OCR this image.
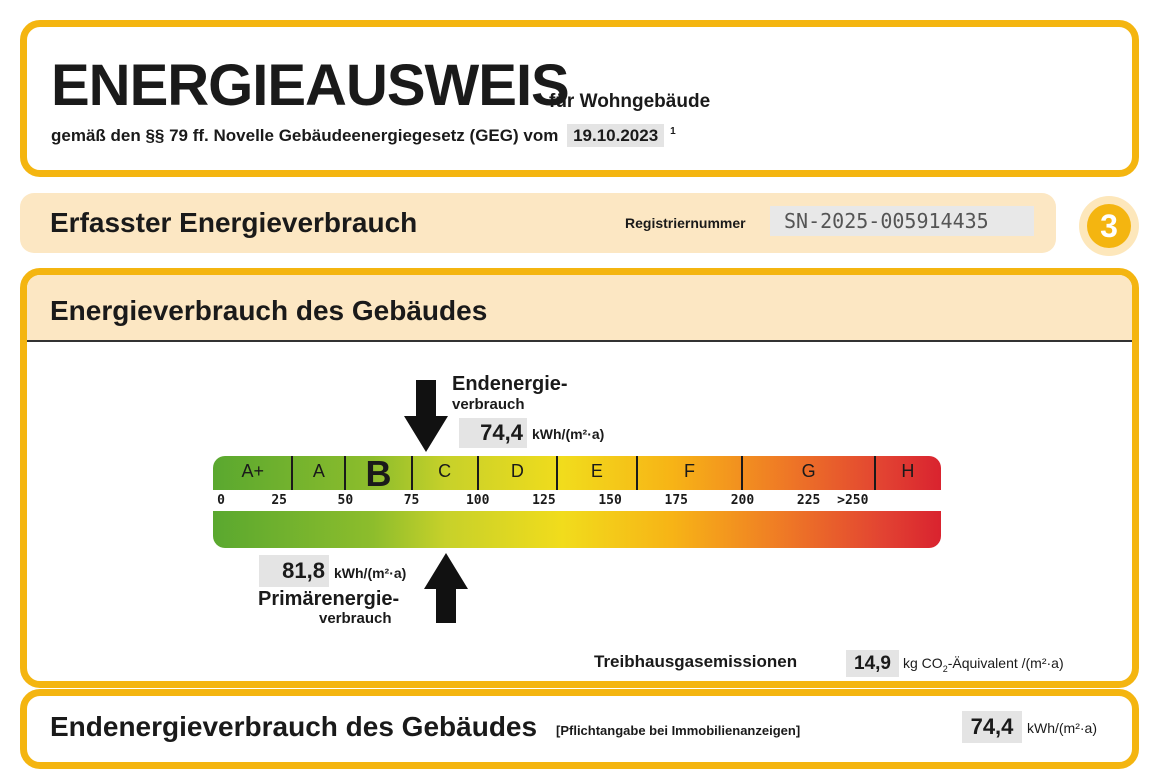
ENERGIEAUSWEIS
für Wohngebäude
gemäß den §§ 79 ff. Novelle Gebäudeenergiegesetz (GEG) vom 19.10.2023 $^1$
Erfasster Energieverbrauch	Registriernummer	SN-2025-005914435	3
Energieverbrauch des Gebäudes
Endenergie-
verbrauch
74,4 kWh/(m²·a)
A+	A B	C	D	E	F	G	H
0	25	50	75	100	125	150	175	200	225 >250
81,8 kWh/(m²·a)
Primärenergie-
verbrauch
Treibhausgasemissionen	14,9 kg $CO_2$-Äquivalent /(m²·a)
Endenergieverbrauch des Gebäudes [Pflichtangabe bei Immobilienanzeigen]	74,4 kWh/(m²·a)
